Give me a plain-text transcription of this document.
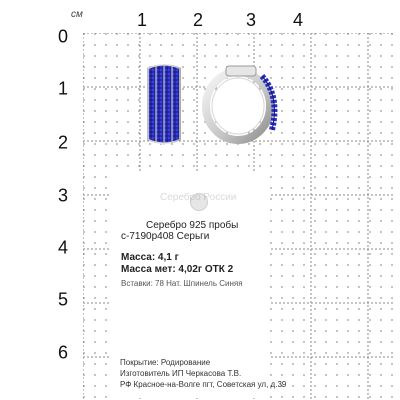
см	1	2 3 4
0
1
2
3
4
5
6
Серебро России
Серебро 925 пробы
с-7190р408 Серьги
Масса: 4,1 г
Масса мет: 4,02г ОТК 2
Вставки: 78 Нат. Шпинель Синяя
Покрытие: Родирование
Изготовитель ИП Черкасова Т.В.
РФ Красное-на-Волге пгт, Советская ул, д.39
